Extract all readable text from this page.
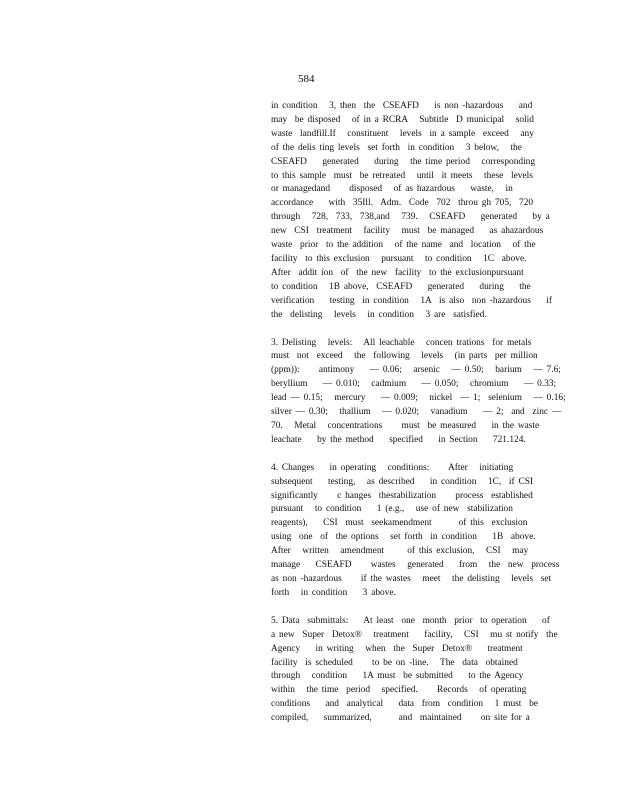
584
in condition   3, then  the  CSEAFD    is non -hazardous    and
may  be disposed   of in a RCRA   Subtitle  D municipal   solid
waste  landfill.If   constituent   levels  in a sample  exceed   any
of the delis ting levels  set forth  in condition   3 below,   the
CSEAFD    generated    during   the time period   corresponding
to this sample  must  be retreated   until  it meets   these  levels
or managedand     disposed   of as hazardous    waste,   in
accordance    with  35Ill.  Adm.  Code  702  throu gh 705,  720
through   728,  733,  738,and   739.   CSEAFD    generated    by a
new  CSI  treatment   facility   must  be managed    as ahazardous
waste  prior  to the addition   of the name  and  location   of the
facility  to this exclusion   pursuant   to condition   1C  above.
After  addit ion  of  the new  facility  to the exclusionpursuant
to condition   1B above,  CSEAFD    generated    during    the
verification    testing  in condition   1A  is also  non -hazardous    if
the  delisting   levels   in condition   3 are  satisfied.
3. Delisting   levels:   All leachable   concen trations  for metals
must  not  exceed   the  following   levels   (in parts  per million
(ppm)):     antimony    — 0.06;   arsenic   — 0.50;   barium   — 7.6;
beryllium    — 0.010;   cadmium    — 0.050;   chromium    — 0.33;
lead — 0.15;   mercury    — 0.009;   nickel  — 1;  selenium   — 0.16;
silver — 0.30;   thallium   — 0.020;   vanadium    — 2;  and  zinc —
70.   Metal   concentrations     must  be measured    in the waste
leachate    by the method    specified    in Section    721.124.
4. Changes    in operating   conditions:     After   initiating
subsequent    testing,   as described    in condition   1C,  if CSI
significantly     c hanges  thestabilization     process  established
pursuant   to condition    1 (e.g.,   use of new  stabilization
reagents),    CSI  must  seekamendment       of this  exclusion
using  one  of  the options   set forth  in condition    1B  above.
After   written   amendment      of this exclusion,   CSI   may
manage    CSEAFD     wastes   generated    from   the  new  process
as non -hazardous     if the wastes   meet   the delisting   levels  set
forth   in condition    3 above.
5. Data  submittals:    At least  one  month  prior  to operation    of
a new  Super  Detox®   treatment    facility,   CSI   mu st notify  the
Agency    in writing   when  the  Super  Detox®    treatment
facility  is scheduled     to be on -line.   The  data  obtained
through   condition    1A must  be submitted    to the Agency
within   the time  period   specified.     Records   of operating
conditions    and  analytical    data  from  condition   1 must  be
compiled,    summarized,       and  maintained     on site for a
